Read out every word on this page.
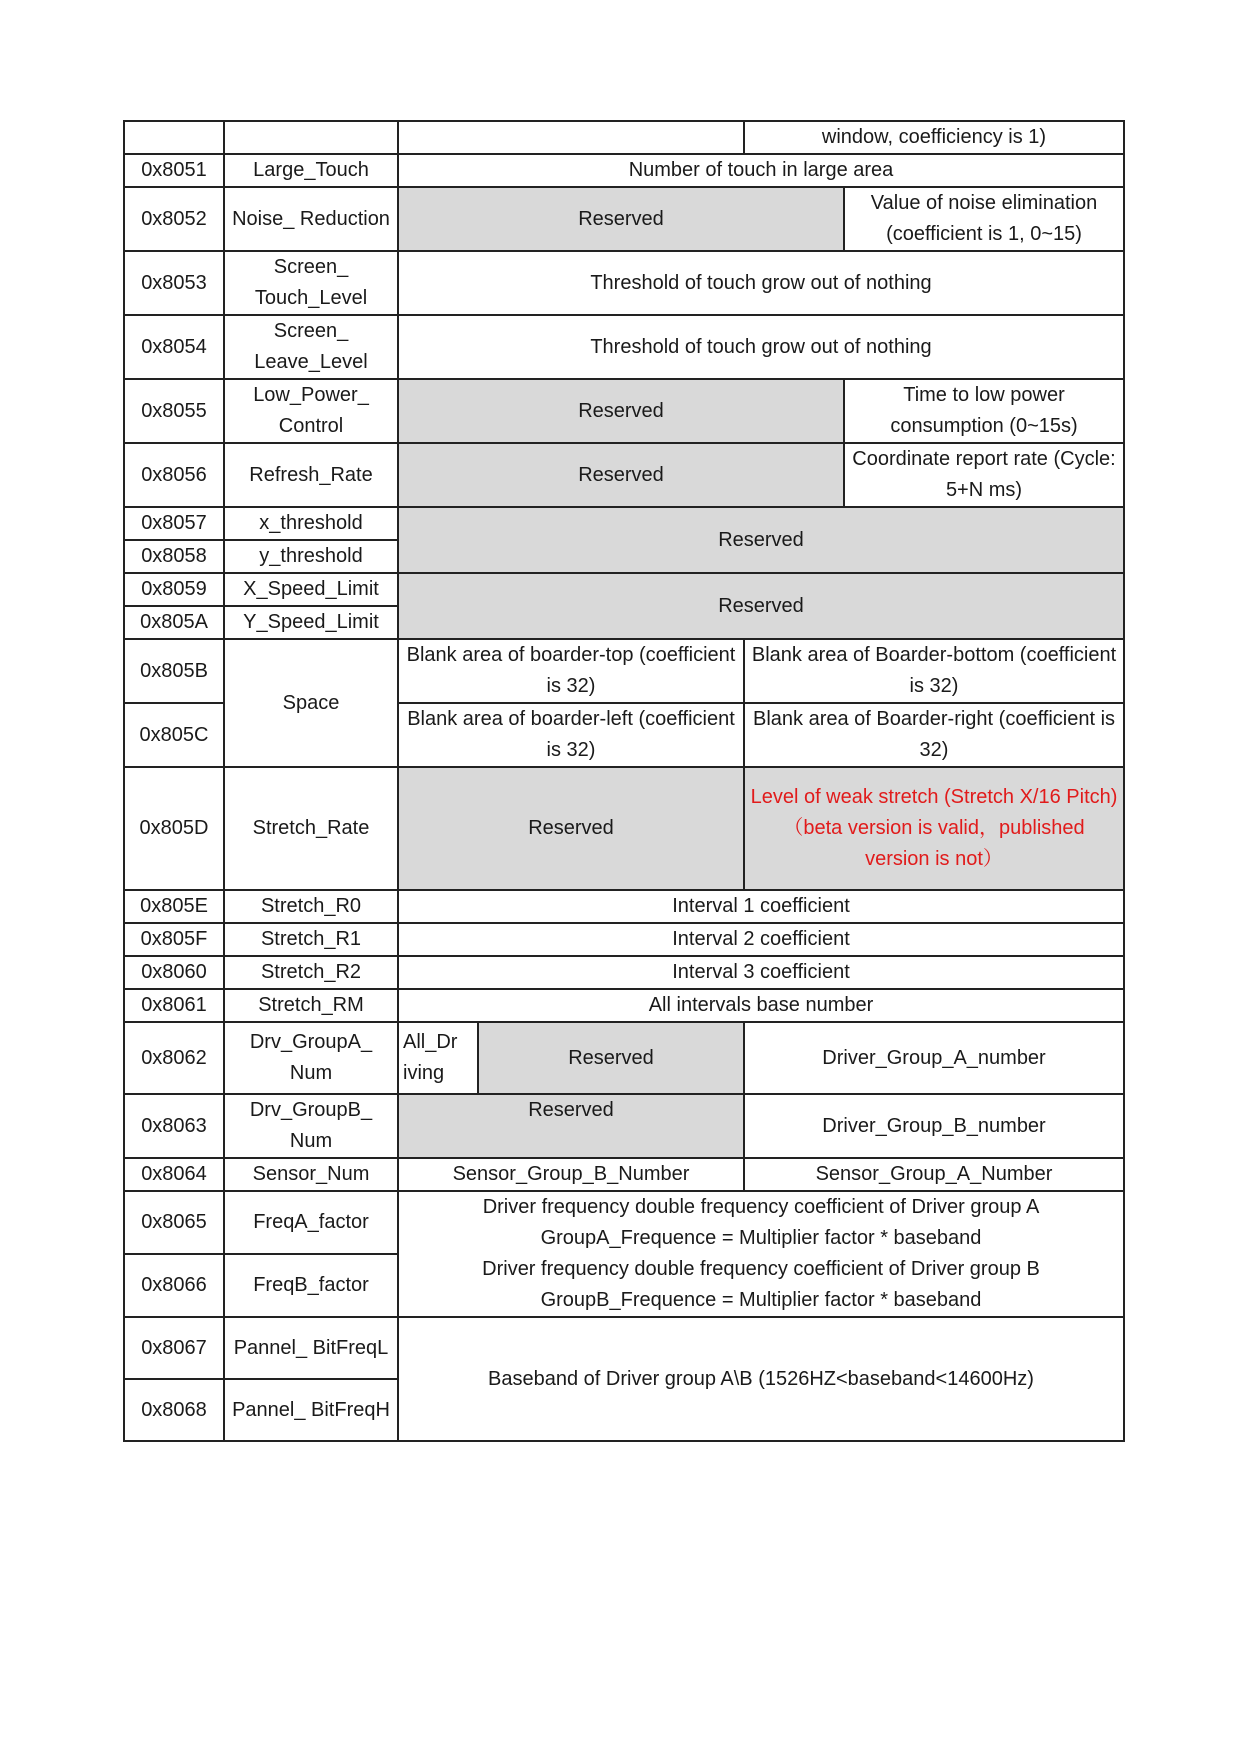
					window, coefficiency is 1)	
0x8051	Large_Touch	Number of touch in large area				
0x8052	Noise_ Reduction	Reserved				Value of noise elimination (coefficient is 1, 0~15)
0x8053	Screen_ Touch_Level	Threshold of touch grow out of nothing				
0x8054	Screen_ Leave_Level	Threshold of touch grow out of nothing				
0x8055	Low_Power_ Control	Reserved				Time to low power consumption (0~15s)
0x8056	Refresh_Rate	Reserved				Coordinate report rate (Cycle: 5+N ms)
0x8057	x_threshold	Reserved				
0x8058	y_threshold					
0x8059	X_Speed_Limit	Reserved				
0x805A	Y_Speed_Limit					
0x805B	Space	Blank area of boarder-top (coefficient is 32)			Blank area of Boarder-bottom (coefficient is 32)	
0x805C		Blank area of boarder-left (coefficient is 32)			Blank area of Boarder-right (coefficient is 32)	
0x805D	Stretch_Rate	Reserved			Level of weak stretch (Stretch X/16 Pitch)
（beta version is valid，published version is not）	

0x805E	Stretch_R0	Interval 1 coefficient				
0x805F	Stretch_R1	Interval 2 coefficient				
0x8060	Stretch_R2	Interval 3 coefficient				
0x8061	Stretch_RM	All intervals base number				
0x8062	Drv_GroupA_ Num	All_Dr iving	Reserved		Driver_Group_A_number	
0x8063	Drv_GroupB_ Num	Reserved			Driver_Group_B_number	
0x8064	Sensor_Num	Sensor_Group_B_Number			Sensor_Group_A_Number	
0x8065	FreqA_factor	Driver frequency double frequency coefficient of Driver group A
GroupA_Frequence = Multiplier factor * baseband				

0x8066	FreqB_factor	Driver frequency double frequency coefficient of Driver group B
GroupB_Frequence = Multiplier factor * baseband				

0x8067	Pannel_ BitFreqL	Baseband of Driver group A\B (1526HZ<baseband<14600Hz)				
0x8068	Pannel_ BitFreqH					
